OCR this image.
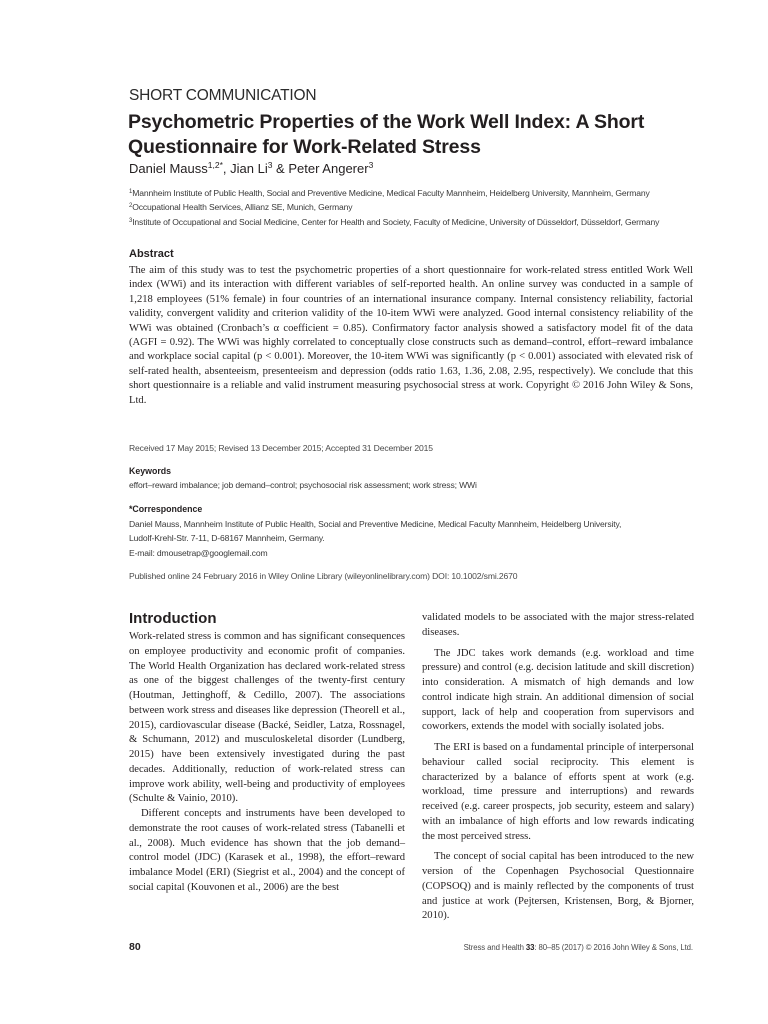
SHORT COMMUNICATION
Psychometric Properties of the Work Well Index: A Short Questionnaire for Work-Related Stress
Daniel Mauss$^{1,2*}$, Jian Li$^3$ & Peter Angerer$^3$
$^1$Mannheim Institute of Public Health, Social and Preventive Medicine, Medical Faculty Mannheim, Heidelberg University, Mannheim, Germany
$^2$Occupational Health Services, Allianz SE, Munich, Germany
$^3$Institute of Occupational and Social Medicine, Center for Health and Society, Faculty of Medicine, University of Düsseldorf, Düsseldorf, Germany
Abstract

The aim of this study was to test the psychometric properties of a short questionnaire for work-related stress entitled Work Well index (WWi) and its interaction with different variables of self-reported health. An online survey was conducted in a sample of 1,218 employees (51% female) in four countries of an international insurance company. Internal consistency reliability, factorial validity, convergent validity and criterion validity of the 10-item WWi were analyzed. Good internal consistency reliability of the WWi was obtained (Cronbach’s α coefficient = 0.85). Confirmatory factor analysis showed a satisfactory model fit of the data (AGFI = 0.92). The WWi was highly correlated to conceptually close constructs such as demand–control, effort–reward imbalance and workplace social capital (p < 0.001). Moreover, the 10-item WWi was significantly (p < 0.001) associated with elevated risk of self-rated health, absenteeism, presenteeism and depression (odds ratio 1.63, 1.36, 2.08, 2.95, respectively). We conclude that this short questionnaire is a reliable and valid instrument measuring psychosocial stress at work. Copyright © 2016 John Wiley & Sons, Ltd.

Received 17 May 2015; Revised 13 December 2015; Accepted 31 December 2015
Keywords
effort–reward imbalance; job demand–control; psychosocial risk assessment; work stress; WWi
*Correspondence
Daniel Mauss, Mannheim Institute of Public Health, Social and Preventive Medicine, Medical Faculty Mannheim, Heidelberg University,
Ludolf-Krehl-Str. 7-11, D-68167 Mannheim, Germany.
E-mail: dmousetrap@googlemail.com
Published online 24 February 2016 in Wiley Online Library (wileyonlinelibrary.com) DOI: 10.1002/smi.2670
Introduction

Work-related stress is common and has significant consequences on employee productivity and economic profit of companies. The World Health Organization has declared work-related stress as one of the biggest challenges of the twenty-first century (Houtman, Jettinghoff, & Cedillo, 2007). The associations between work stress and diseases like depression (Theorell et al., 2015), cardiovascular disease (Backé, Seidler, Latza, Rossnagel, & Schumann, 2012) and musculoskeletal disorder (Lundberg, 2015) have been extensively investigated during the past decades. Additionally, reduction of work-related stress can improve work ability, well-being and productivity of employees (Schulte & Vainio, 2010).

Different concepts and instruments have been developed to demonstrate the root causes of work-related stress (Tabanelli et al., 2008). Much evidence has shown that the job demand–control model (JDC) (Karasek et al., 1998), the effort–reward imbalance Model (ERI) (Siegrist et al., 2004) and the concept of social capital (Kouvonen et al., 2006) are the best

validated models to be associated with the major stress-related diseases.

The JDC takes work demands (e.g. workload and time pressure) and control (e.g. decision latitude and skill discretion) into consideration. A mismatch of high demands and low control indicate high strain. An additional dimension of social support, lack of help and cooperation from supervisors and coworkers, extends the model with socially isolated jobs.

The ERI is based on a fundamental principle of interpersonal behaviour called social reciprocity. This element is characterized by a balance of efforts spent at work (e.g. workload, time pressure and interruptions) and rewards received (e.g. career prospects, job security, esteem and salary) with an imbalance of high efforts and low rewards indicating the most perceived stress.

The concept of social capital has been introduced to the new version of the Copenhagen Psychosocial Questionnaire (COPSOQ) and is mainly reflected by the components of trust and justice at work (Pejtersen, Kristensen, Borg, & Bjorner, 2010).

80	Stress and Health 33: 80–85 (2017) © 2016 John Wiley & Sons, Ltd.
